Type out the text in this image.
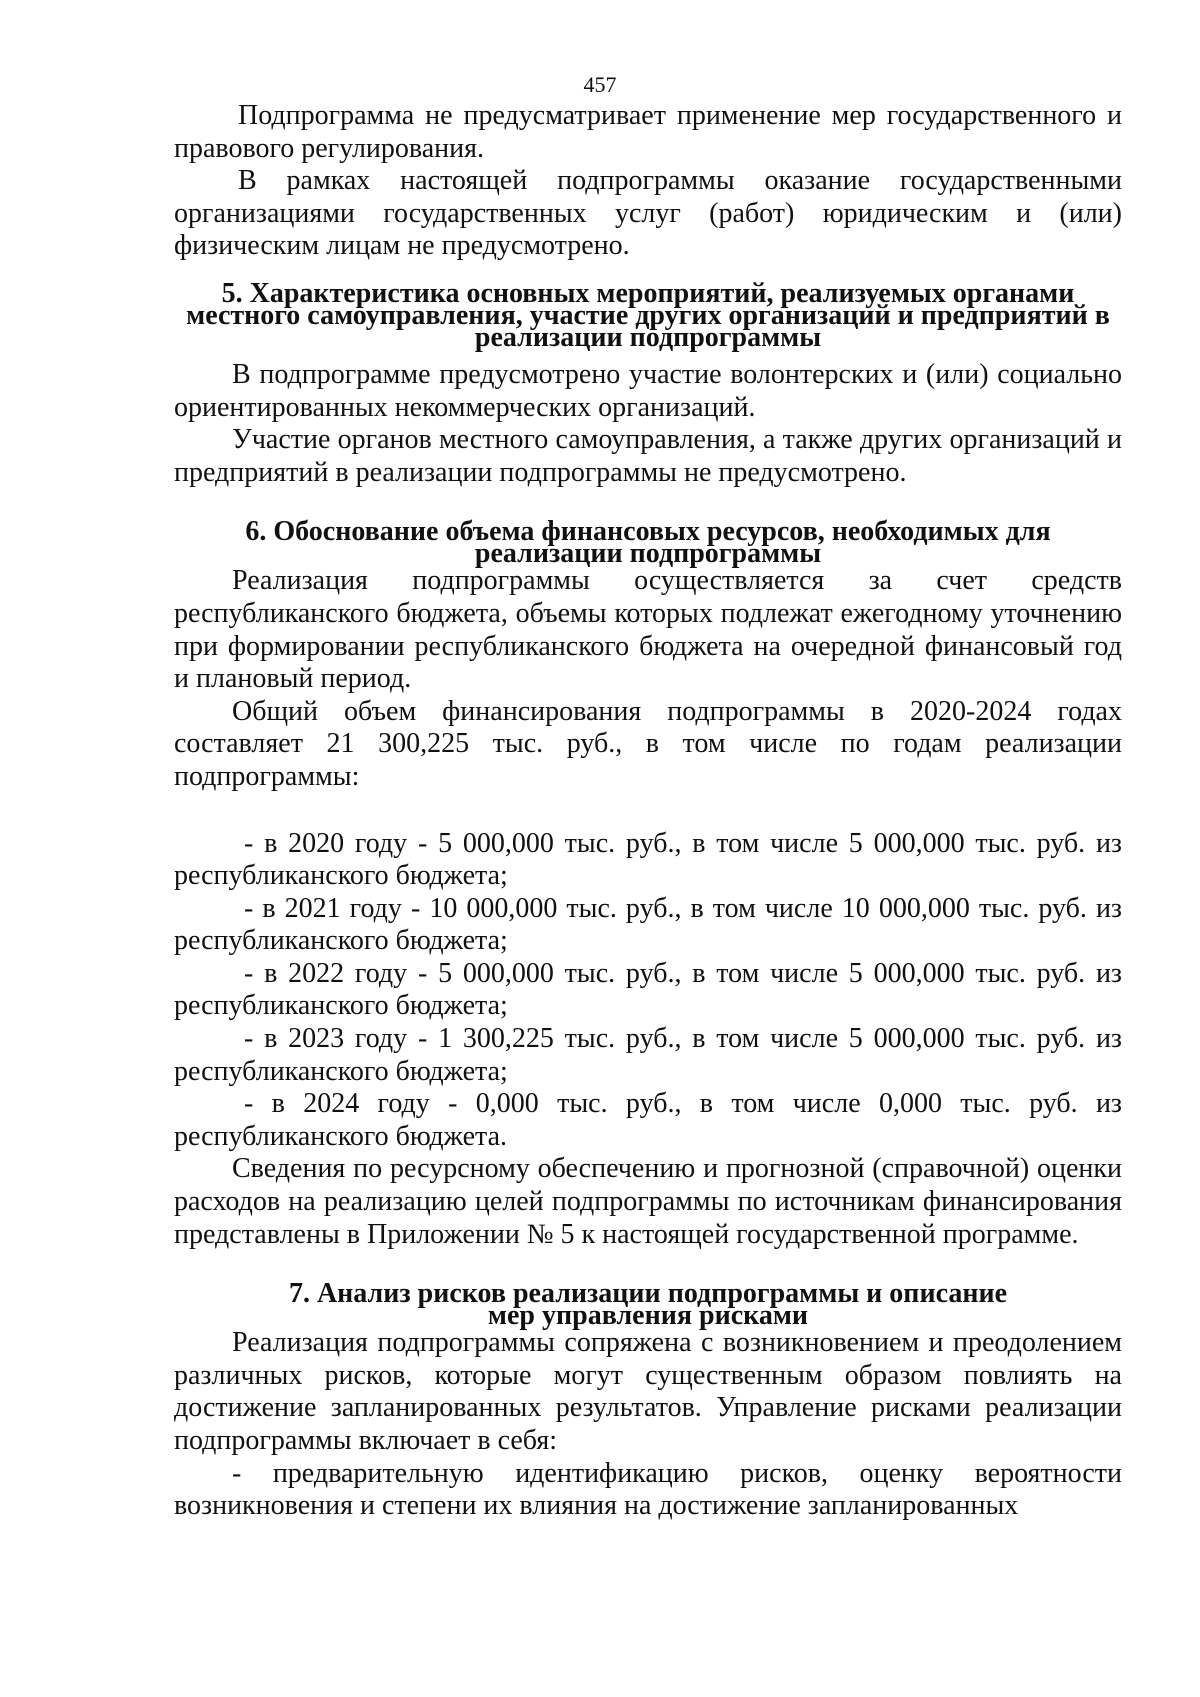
457

Подпрограмма не предусматривает применение мер государственного и правового регулирования.

В рамках настоящей подпрограммы оказание государственными организациями государственных услуг (работ) юридическим и (или) физическим лицам не предусмотрено.

5. Характеристика основных мероприятий, реализуемых органами

местного самоуправления, участие других организаций и предприятий в

реализации подпрограммы

В подпрограмме предусмотрено участие волонтерских и (или) социально ориентированных некоммерческих организаций.

Участие органов местного самоуправления, а также других организаций и предприятий в реализации подпрограммы не предусмотрено.

6. Обоснование объема финансовых ресурсов, необходимых для

реализации подпрограммы

Реализация подпрограммы осуществляется за счет средств республиканского бюджета, объемы которых подлежат ежегодному уточнению при формировании республиканского бюджета на очередной финансовый год и плановый период.

Общий объем финансирования подпрограммы в 2020-2024 годах составляет 21 300,225 тыс. руб., в том числе по годам реализации подпрограммы:

- в 2020 году - 5 000,000 тыс. руб., в том числе 5 000,000 тыс. руб. из республиканского бюджета;

- в 2021 году - 10 000,000 тыс. руб., в том числе 10 000,000 тыс. руб. из республиканского бюджета;

- в 2022 году - 5 000,000 тыс. руб., в том числе 5 000,000 тыс. руб. из республиканского бюджета;

- в 2023 году - 1 300,225 тыс. руб., в том числе 5 000,000 тыс. руб. из республиканского бюджета;

- в 2024 году - 0,000 тыс. руб., в том числе 0,000 тыс. руб. из республиканского бюджета.

Сведения по ресурсному обеспечению и прогнозной (справочной) оценки расходов на реализацию целей подпрограммы по источникам финансирования представлены в Приложении № 5 к настоящей государственной программе.

7. Анализ рисков реализации подпрограммы и описание

мер управления рисками

Реализация подпрограммы сопряжена с возникновением и преодолением различных рисков, которые могут существенным образом повлиять на достижение запланированных результатов. Управление рисками реализации подпрограммы включает в себя:

- предварительную идентификацию рисков, оценку вероятности возникновения и степени их влияния на достижение запланированных
